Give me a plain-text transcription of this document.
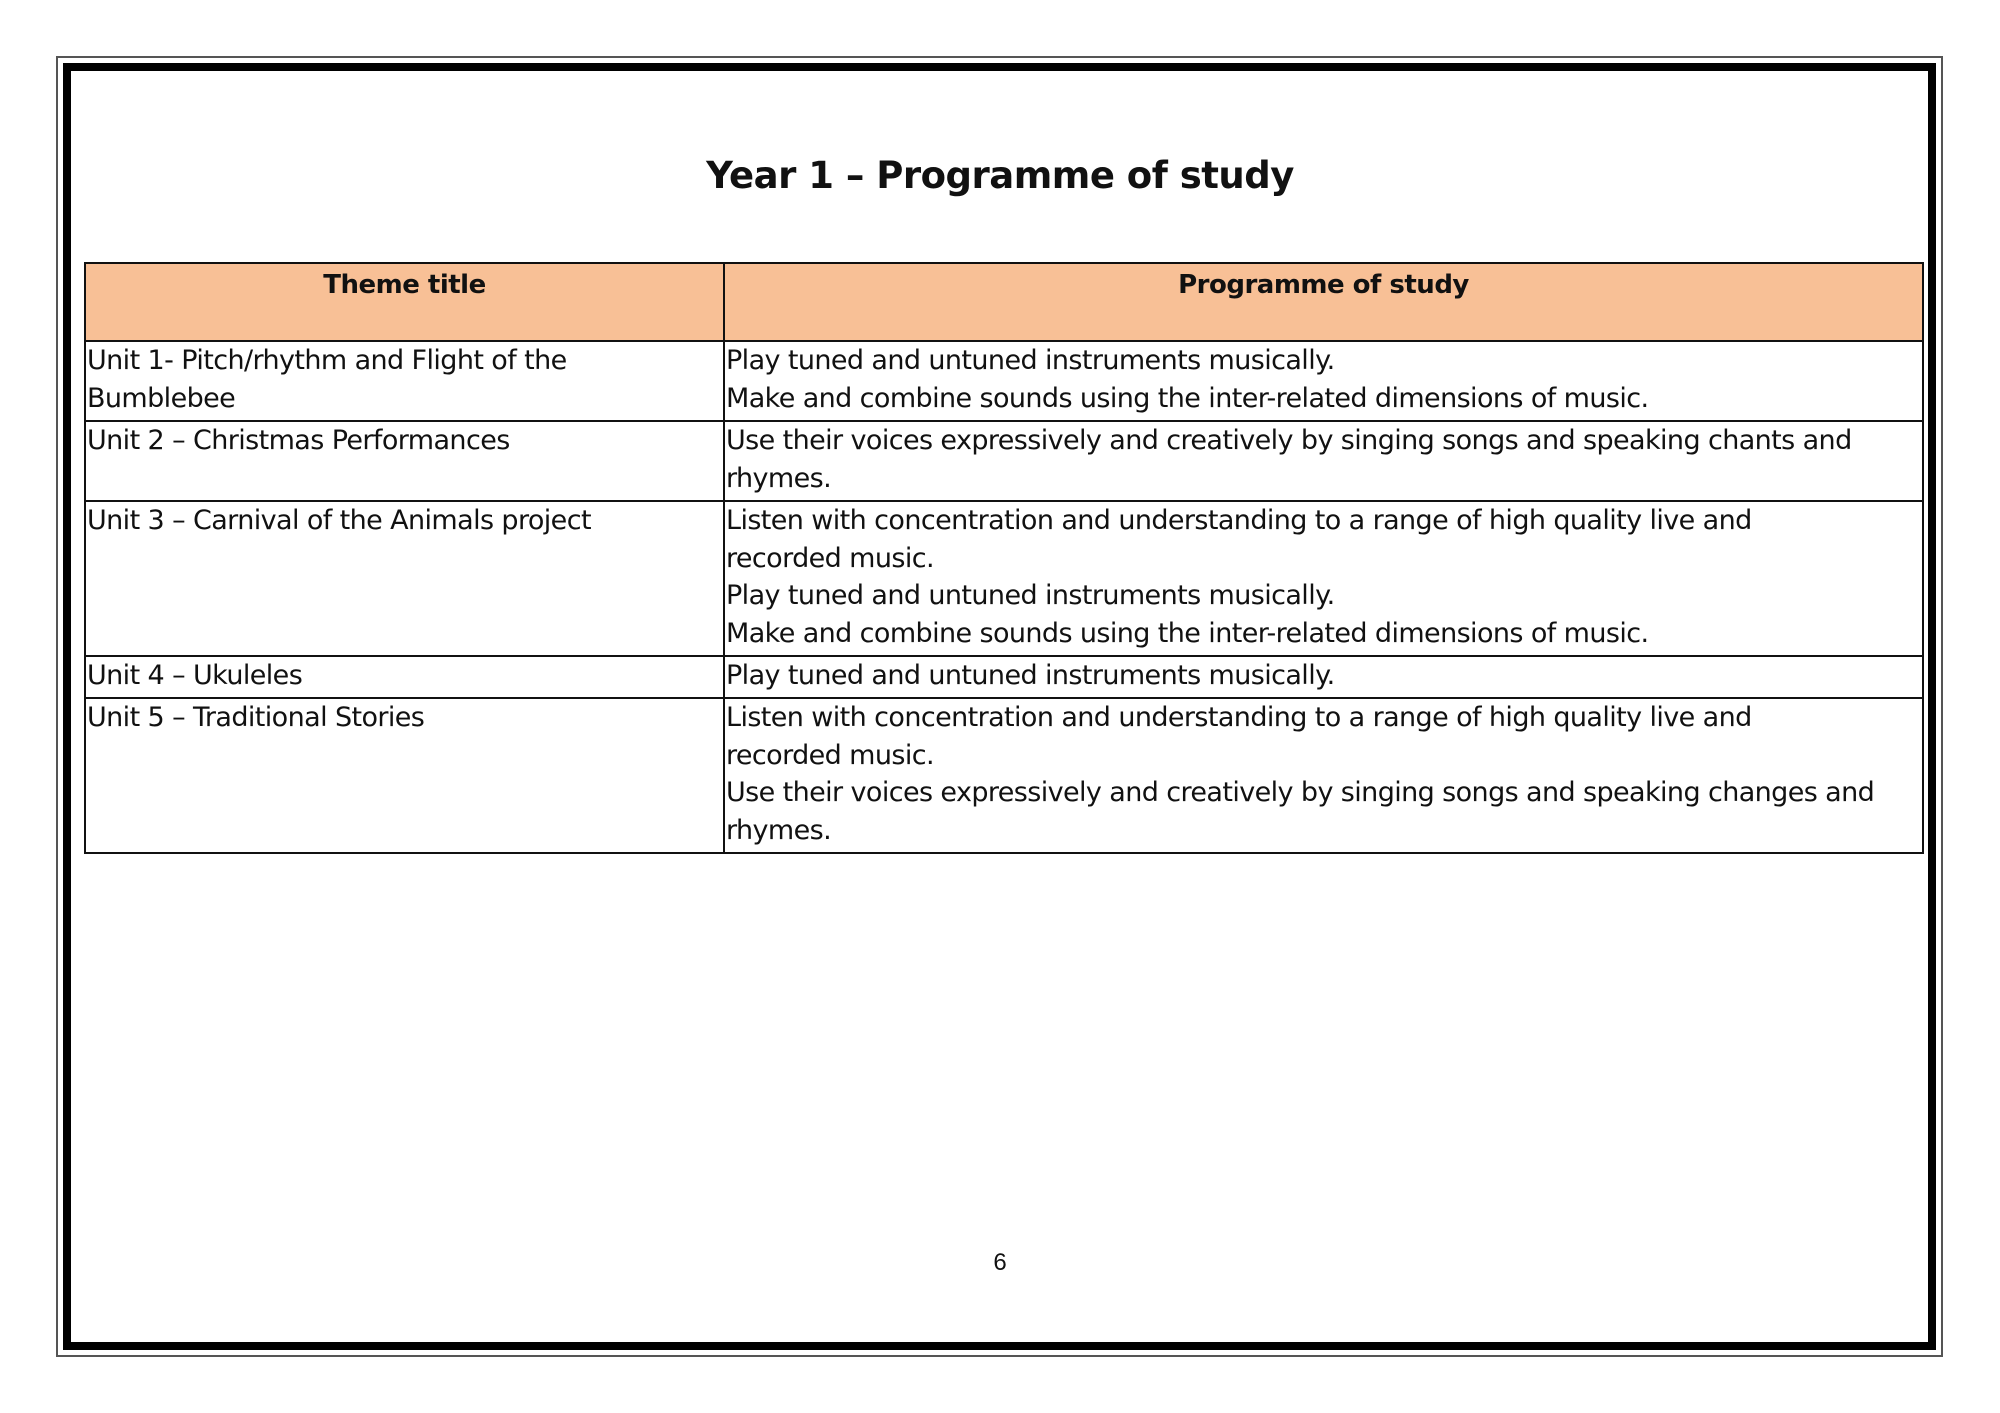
Year 1 – Programme of study
Theme title	Programme of study

Unit 1- Pitch/rhythm and Flight of the Bumblebee	Play tuned and untuned instruments musically.
Make and combine sounds using the inter-related dimensions of music.

Unit 2 – Christmas Performances	Use their voices expressively and creatively by singing songs and speaking chants and rhymes.

Unit 3 – Carnival of the Animals project	Listen with concentration and understanding to a range of high quality live and recorded music.
Play tuned and untuned instruments musically.
Make and combine sounds using the inter-related dimensions of music.

Unit 4 – Ukuleles	Play tuned and untuned instruments musically.

Unit 5 – Traditional Stories	Listen with concentration and understanding to a range of high quality live and recorded music.
Use their voices expressively and creatively by singing songs and speaking changes and rhymes.
6
